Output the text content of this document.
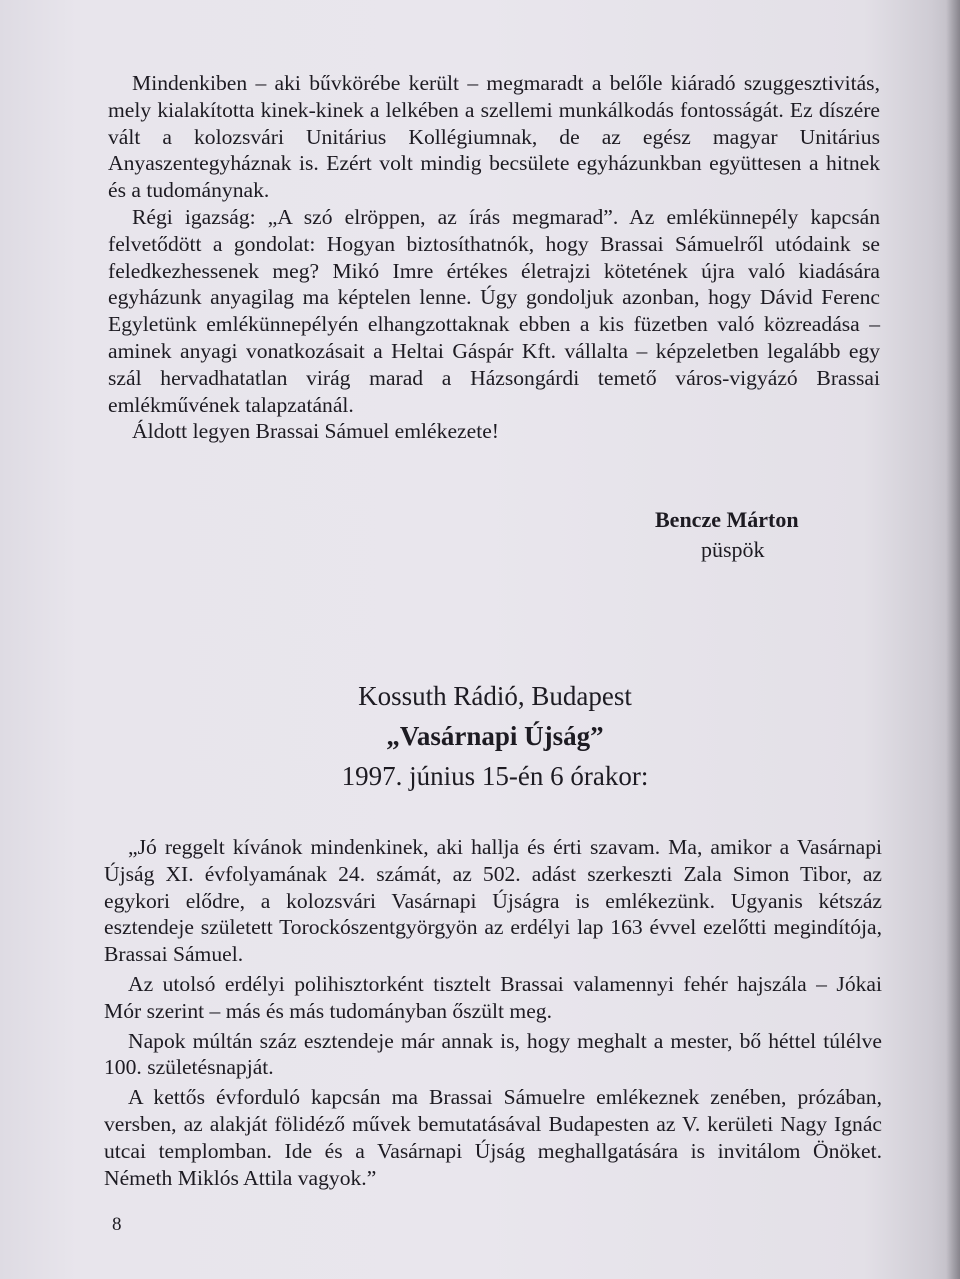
Mindenkiben – aki bűvkörébe került – megmaradt a belőle kiáradó szuggesztivitás, mely kialakította kinek-kinek a lelkében a szellemi munkálkodás fontosságát. Ez díszére vált a kolozsvári Unitárius Kollégiumnak, de az egész magyar Unitárius Anyaszentegyháznak is. Ezért volt mindig becsülete egyházunkban együttesen a hitnek és a tudománynak.

Régi igazság: „A szó elröppen, az írás megmarad”. Az emlékünnepély kapcsán felvetődött a gondolat: Hogyan biztosíthatnók, hogy Brassai Sámuelről utódaink se feledkezhessenek meg? Mikó Imre értékes életrajzi kötetének újra való kiadására egyházunk anyagilag ma képtelen lenne. Úgy gondoljuk azonban, hogy Dávid Ferenc Egyletünk emlékünnepélyén elhangzottaknak ebben a kis füzetben való közreadása – aminek anyagi vonatkozásait a Heltai Gáspár Kft. vállalta – képzeletben legalább egy szál hervadhatatlan virág marad a Házsongárdi temető város-vigyázó Brassai emlékművének talapzatánál.

Áldott legyen Brassai Sámuel emlékezete!

Bencze Márton
püspök
Kossuth Rádió, Budapest
„Vasárnapi Újság”
1997. június 15-én 6 órakor:

„Jó reggelt kívánok mindenkinek, aki hallja és érti szavam. Ma, amikor a Vasárnapi Újság XI. évfolyamának 24. számát, az 502. adást szerkeszti Zala Simon Tibor, az egykori elődre, a kolozsvári Vasárnapi Újságra is emlékezünk. Ugyanis kétszáz esztendeje született Torockószentgyörgyön az erdélyi lap 163 évvel ezelőtti megindítója, Brassai Sámuel.

Az utolsó erdélyi polihisztorként tisztelt Brassai valamennyi fehér hajszála – Jókai Mór szerint – más és más tudományban őszült meg.

Napok múltán száz esztendeje már annak is, hogy meghalt a mester, bő héttel túlélve 100. születésnapját.

A kettős évforduló kapcsán ma Brassai Sámuelre emlékeznek zenében, prózában, versben, az alakját fölidéző művek bemutatásával Budapesten az V. kerületi Nagy Ignác utcai templomban. Ide és a Vasárnapi Újság meghallgatására is invitálom Önöket. Németh Miklós Attila vagyok.”

8
